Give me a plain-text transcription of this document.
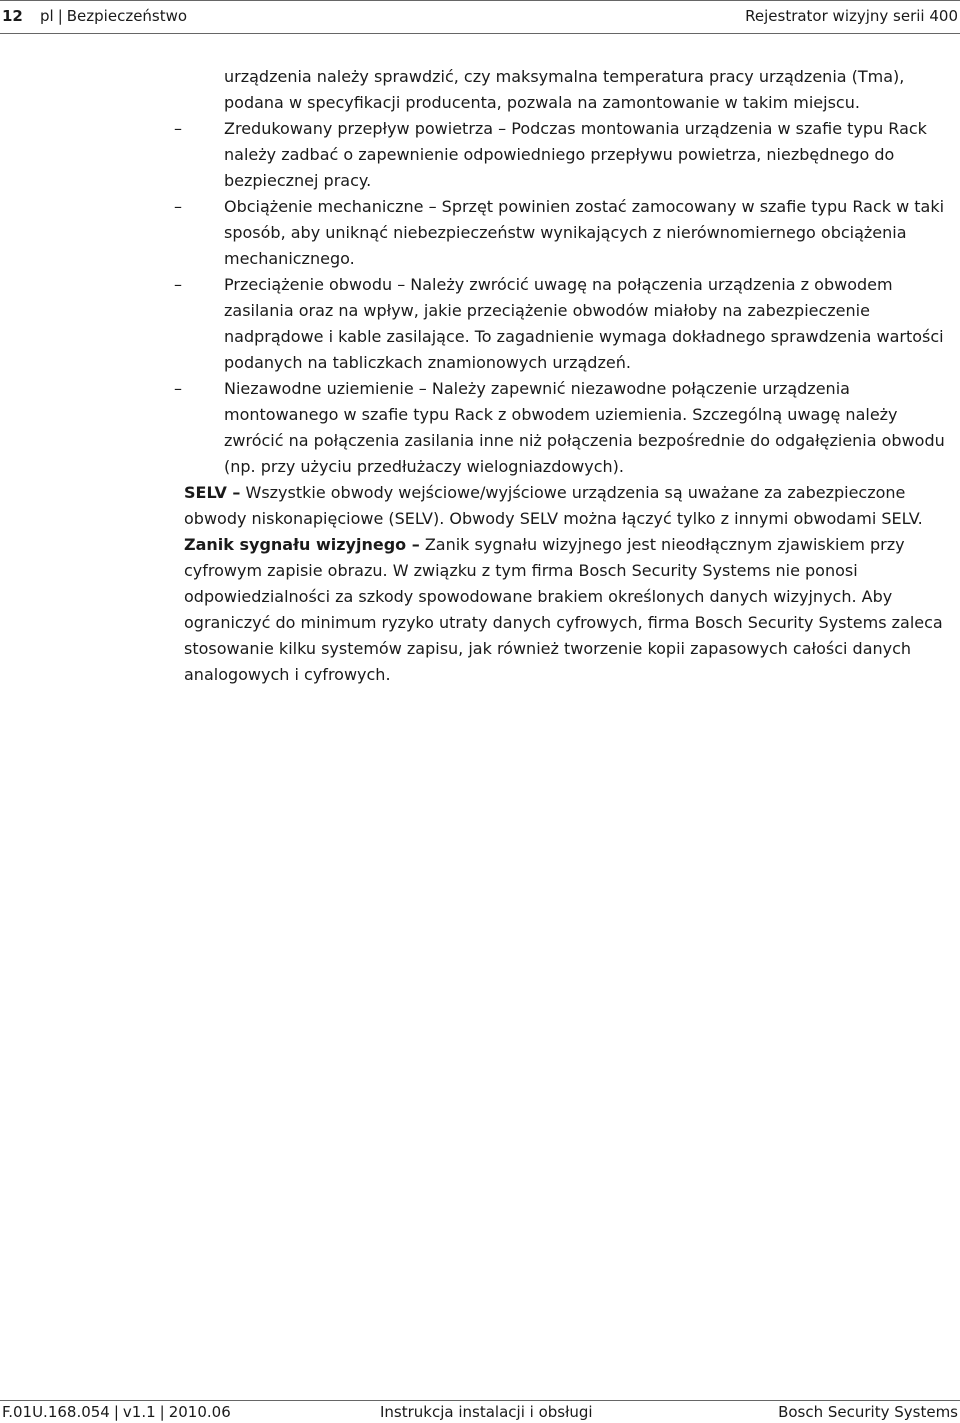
12 pl | Bezpieczeństwo	Rejestrator wizyjny serii 400

urządzenia należy sprawdzić, czy maksymalna temperatura pracy urządzenia (Tma), podana w specyfikacji producenta, pozwala na zamontowanie w takim miejscu.

–	Zredukowany przepływ powietrza – Podczas montowania urządzenia w szafie typu Rack należy zadbać o zapewnienie odpowiedniego przepływu powietrza, niezbędnego do bezpiecznej pracy.
–	Obciążenie mechaniczne – Sprzęt powinien zostać zamocowany w szafie typu Rack w taki sposób, aby uniknąć niebezpieczeństw wynikających z nierównomiernego obciążenia mechanicznego.
–	Przeciążenie obwodu – Należy zwrócić uwagę na połączenia urządzenia z obwodem zasilania oraz na wpływ, jakie przeciążenie obwodów miałoby na zabezpieczenie nadprądowe i kable zasilające. To zagadnienie wymaga dokładnego sprawdzenia wartości podanych na tabliczkach znamionowych urządzeń.
–	Niezawodne uziemienie – Należy zapewnić niezawodne połączenie urządzenia montowanego w szafie typu Rack z obwodem uziemienia. Szczególną uwagę należy zwrócić na połączenia zasilania inne niż połączenia bezpośrednie do odgałęzienia obwodu (np. przy użyciu przedłużaczy wielogniazdowych).

SELV – Wszystkie obwody wejściowe/wyjściowe urządzenia są uważane za zabezpieczone obwody niskonapięciowe (SELV). Obwody SELV można łączyć tylko z innymi obwodami SELV.

Zanik sygnału wizyjnego – Zanik sygnału wizyjnego jest nieodłącznym zjawiskiem przy cyfrowym zapisie obrazu. W związku z tym firma Bosch Security Systems nie ponosi odpowiedzialności za szkody spowodowane brakiem określonych danych wizyjnych. Aby ograniczyć do minimum ryzyko utraty danych cyfrowych, firma Bosch Security Systems zaleca stosowanie kilku systemów zapisu, jak również tworzenie kopii zapasowych całości danych analogowych i cyfrowych.

F.01U.168.054 | v1.1 | 2010.06	Instrukcja instalacji i obsługi	Bosch Security Systems
